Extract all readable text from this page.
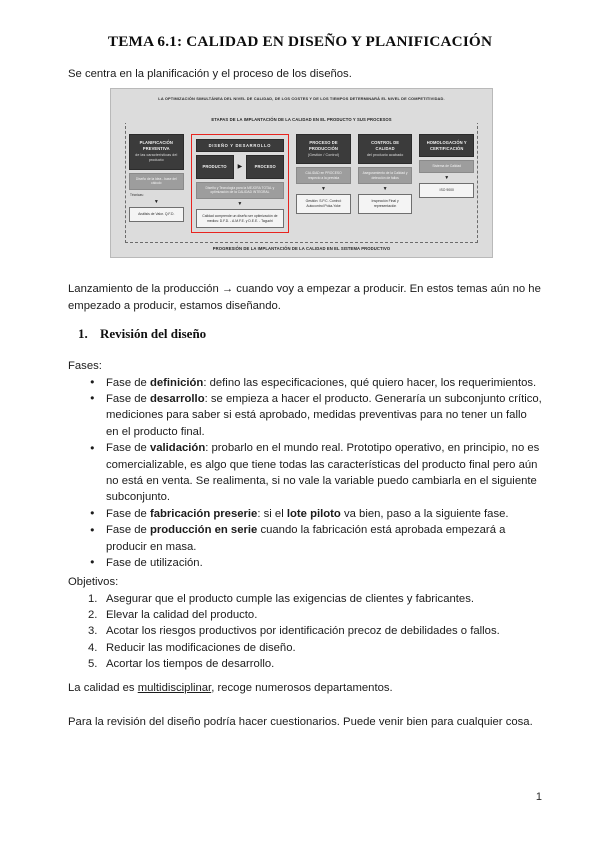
TEMA 6.1: CALIDAD EN DISEÑO Y PLANIFICACIÓN

Se centra en la planificación y el proceso de los diseños.

LA OPTIMIZACIÓN SIMULTÁNEA DEL NIVEL DE CALIDAD, DE LOS COSTES Y DE LOS TIEMPOS DETERMINARÁ EL NIVEL DE COMPETITIVIDAD.
ETAPAS DE LA IMPLANTACIÓN DE LA CALIDAD EN EL PRODUCTO Y SUS PROCESOS
PLANIFICACIÓN PREVENTIVA
de las características del producto
Diseño de la idea - base del cálculo
Técnicas:
▼
Análisis de Valor. Q.F.D.
DISEÑO Y DESARROLLO
PRODUCTO	▶	PROCESO
Diseño y Tecnología para la MEJORA TOTAL y optimización de la CALIDAD INTEGRAL
▼
Calidad comprende un diseño ser optimización de medios: D.F.D. - A.M.F.E. y D.E.E. - Taguchi
PROCESO DE PRODUCCIÓN
(Gestión / Control)
CALIDAD en PROCESO respecto a la prevista
▼
Gestión: S.P.C. Control: Autocontrol Poka-Yoke
CONTROL DE CALIDAD
del producto acabado
Aseguramiento de la Calidad y detección de fallos
▼
Inspección Final y representación
HOMOLOGACIÓN Y CERTIFICACIÓN
Sistema de Calidad
▼
ISO 9000
PROGRESIÓN DE LA IMPLANTACIÓN DE LA CALIDAD EN EL SISTEMA PRODUCTIVO

Lanzamiento de la producción → cuando voy a empezar a producir. En estos temas aún no he empezado a producir, estamos diseñando.

1. Revisión del diseño

Fases:

● Fase de definición: defino las especificaciones, qué quiero hacer, los requerimientos.
● Fase de desarrollo: se empieza a hacer el producto. Generaría un subconjunto crítico, mediciones para saber si está aprobado, medidas preventivas para no tener un fallo en el producto final.
● Fase de validación: probarlo en el mundo real. Prototipo operativo, en principio, no es comercializable, es algo que tiene todas las características del producto final pero aún no está en venta. Se realimenta, si no vale la variable puedo cambiarla en el siguiente subconjunto.
● Fase de fabricación preserie: si el lote piloto va bien, paso a la siguiente fase.
● Fase de producción en serie cuando la fabricación está aprobada empezará a producir en masa.
● Fase de utilización.

Objetivos:

Asegurar que el producto cumple las exigencias de clientes y fabricantes.
Elevar la calidad del producto.
Acotar los riesgos productivos por identificación precoz de debilidades o fallos.
Reducir las modificaciones de diseño.
Acortar los tiempos de desarrollo.

La calidad es multidisciplinar, recoge numerosos departamentos.

Para la revisión del diseño podría hacer cuestionarios. Puede venir bien para cualquier cosa.

1
